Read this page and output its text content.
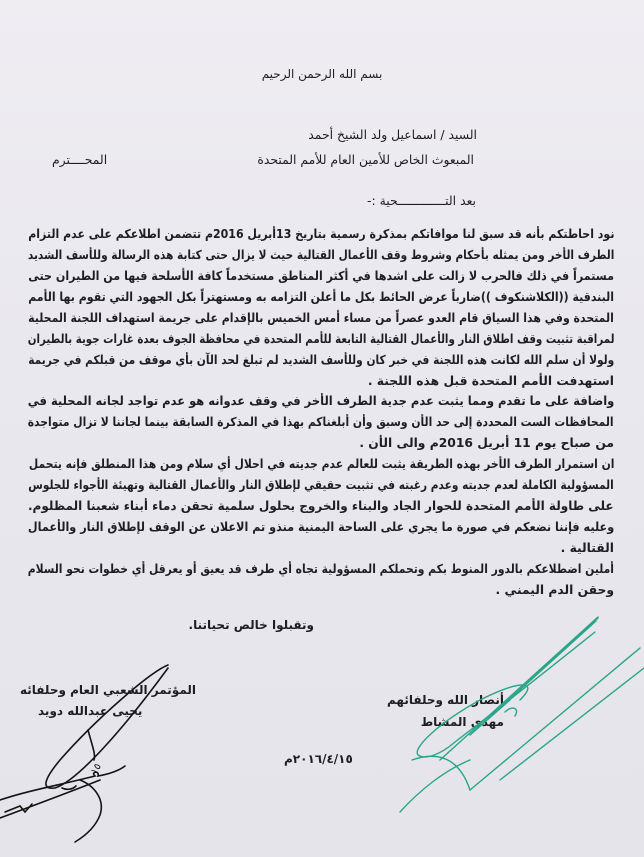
بسم الله الرحمن الرحيم
السيد / اسماعيل ولد الشيخ أحمد
المبعوث الخاص للأمين العام للأمم المتحدة
المحــــترم
بعد التـــــــــــــحية :-
نود احاطتكم بأنه قد سبق لنا موافاتكم بمذكرة رسمية بتاريخ 13أبريل 2016م تتضمن اطلاعكم على عدم التزام
الطرف الأخر ومن يمثله بأحكام وشروط وقف الأعمال القتالية حيث لا يزال حتى كتابة هذه الرسالة وللأسف الشديد
مستمراً في ذلك فالحرب لا زالت على اشدها في أكثر المناطق مستخدماً كافة الأسلحة فيها من الطيران حتى
البندقية ((الكلاشنكوف ))ضارباً عرض الحائط بكل ما أعلن التزامه به ومستهتراً بكل الجهود التي تقوم بها الأمم
المتحدة وفي هذا السياق قام العدو عصراً من مساء أمس الخميس بالإقدام على جريمة استهداف اللجنة المحلية
لمراقبة تثبيت وقف اطلاق النار والأعمال القتالية التابعة للأمم المتحدة في محافظة الجوف بعدة غارات جوية بالطيران
ولولا أن سلم الله لكانت هذه اللجنة في خبر كان وللأسف الشديد لم تبلغ لحد الآن بأي موقف من قبلكم في جريمة
استهدفت الأمم المتحدة قبل هذه اللجنة .
واضافة على ما تقدم ومما يثبت عدم جدية الطرف الأخر في وقف عدوانه هو عدم تواجد لجانه المحلية في
المحافظات الست المحددة إلى حد الأن وسبق وأن أبلغناكم بهذا في المذكرة السابقة بينما لجاننا لا تزال متواجدة
من صباح يوم 11 أبريل 2016م والى الأن .
ان استمرار الطرف الأخر بهذه الطريقة يثبت للعالم عدم جديته في احلال أي سلام ومن هذا المنطلق فإنه يتحمل
المسؤولية الكاملة لعدم جديته وعدم رغبته في تثبيت حقيقي لإطلاق النار والأعمال القتالية وتهيئة الأجواء للجلوس
على طاولة الأمم المتحدة للحوار الجاد والبناء والخروج بحلول سلمية تحقن دماء أبناء شعبنا المظلوم.
وعليه فإننا نضعكم في صورة ما يجري على الساحة اليمنية منذو تم الاعلان عن الوقف لإطلاق النار والأعمال
القتالية .
أملين اضطلاعكم بالدور المنوط بكم وتحملكم المسؤولية تجاه أي طرف قد يعيق أو يعرقل أي خطوات نحو السلام
وحقن الدم اليمني .
وتقبلوا خالص تحياتنا.
المؤتمر الشعبي العام وحلفائه
يحيى عبدالله دويد
أنصار الله وحلفائهم
مهدي المشاط
٢٠١٦/٤/١٥م
١٥
